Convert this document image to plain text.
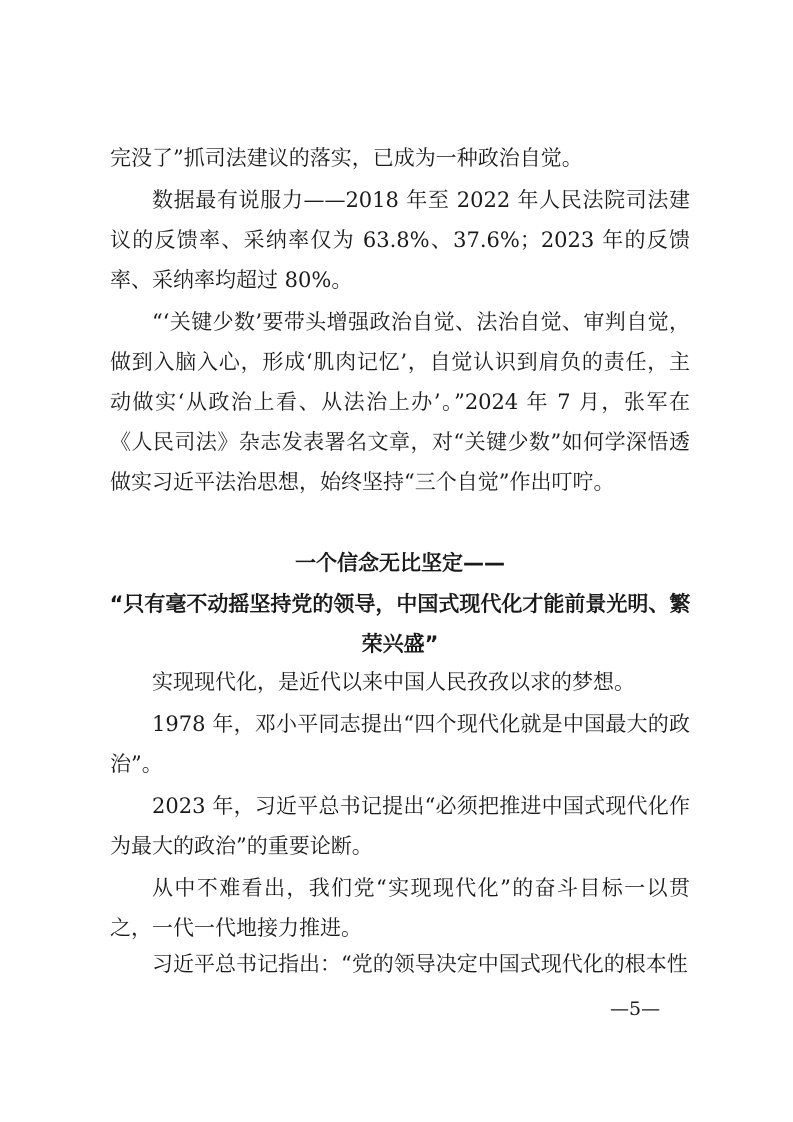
完没了”抓司法建议的落实，已成为一种政治自觉。

数据最有说服力——2018 年至 2022 年人民法院司法建议的反馈率、采纳率仅为 63.8%、37.6%；2023 年的反馈率、采纳率均超过 80%。

“‘关键少数’要带头增强政治自觉、法治自觉、审判自觉，做到入脑入心，形成‘肌肉记忆’，自觉认识到肩负的责任，主动做实‘从政治上看、从法治上办’。”2024 年 7 月，张军在《人民司法》杂志发表署名文章，对“关键少数”如何学深悟透做实习近平法治思想，始终坚持“三个自觉”作出叮咛。

一个信念无比坚定——

“只有毫不动摇坚持党的领导，中国式现代化才能前景光明、繁荣兴盛”

实现现代化，是近代以来中国人民孜孜以求的梦想。

1978 年，邓小平同志提出“四个现代化就是中国最大的政治”。

2023 年，习近平总书记提出“必须把推进中国式现代化作为最大的政治”的重要论断。

从中不难看出，我们党“实现现代化”的奋斗目标一以贯之，一代一代地接力推进。

习近平总书记指出：“党的领导决定中国式现代化的根本性

—5—
